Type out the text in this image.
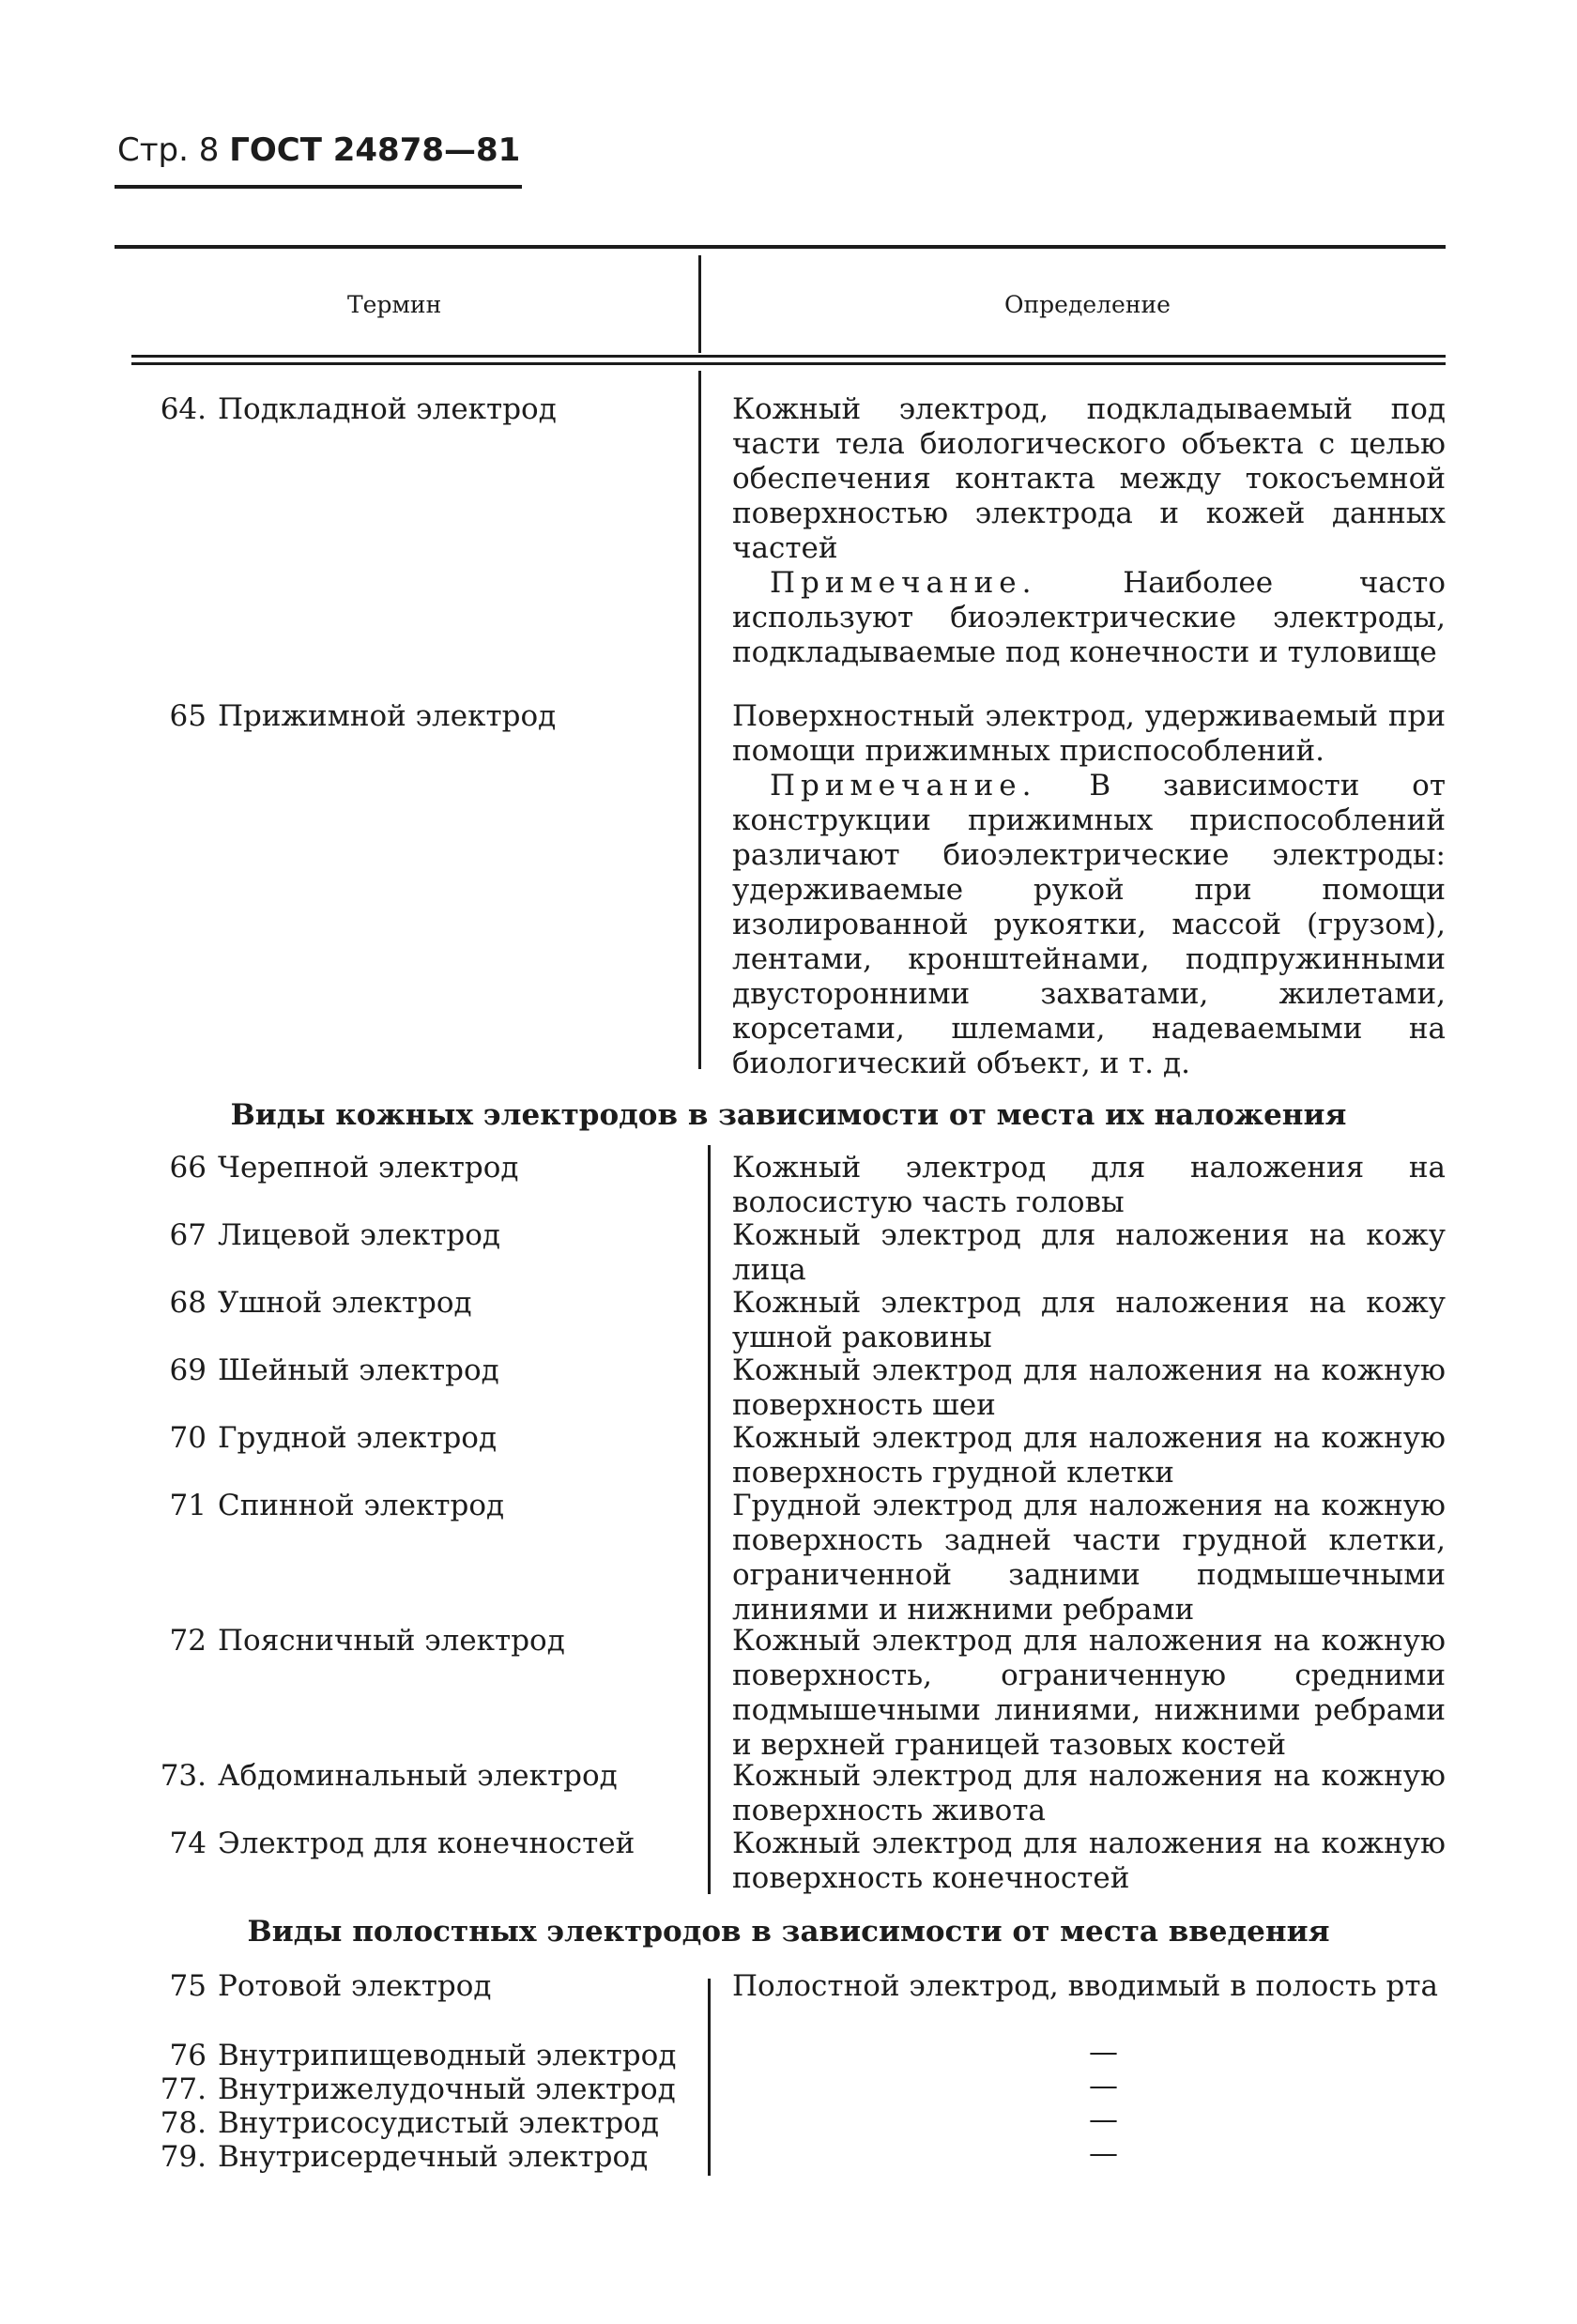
Стр. 8 ГОСТ 24878—81
Термин	Определение
64. Подкладной электрод	Кожный электрод, подкладываемый под части тела биологического объекта с целью обеспечения контакта между токосъемной поверхностью электрода и кожей данных частей

Примечание.	Наиболее часто используют биоэлектрические электроды, подкладываемые под конечности и туловище

65 Прижимной электрод	Поверхностный электрод, удерживаемый при помощи прижимных приспособлений.

Примечание. В зависимости от конструкции прижимных приспособлений различают биоэлектрические электроды: удерживаемые рукой при помощи изолированной рукоятки, массой (грузом), лентами, кронштейнами, подпружинными двусторонними захватами, жилетами, корсетами, шлемами, надеваемыми на биологический объект, и т. д.

Виды кожных электродов в зависимости от места их наложения
66 Черепной электрод	Кожный электрод для наложения на волосистую часть головы

67 Лицевой электрод	Кожный электрод для наложения на кожу лица

68 Ушной электрод	Кожный электрод для наложения на кожу ушной раковины

69 Шейный электрод	Кожный электрод для наложения на кожную поверхность шеи

70 Грудной электрод	Кожный электрод для наложения на кожную поверхность грудной клетки

71 Спинной электрод	Грудной электрод для наложения на кожную поверхность задней части грудной клетки, ограниченной задними подмышечными линиями и нижними ребрами

72 Поясничный электрод	Кожный электрод для наложения на кожную поверхность, ограниченную средними подмышечными линиями, нижними ребрами и верхней границей тазовых костей

73. Абдоминальный электрод	Кожный электрод для наложения на кожную поверхность живота

74 Электрод для конечностей	Кожный электрод для наложения на кожную поверхность конечностей

Виды полостных электродов в зависимости от места введения
75 Ротовой электрод	Полостной электрод, вводимый в полость рта

76 Внутрипищеводный электрод	—
77. Внутрижелудочный электрод	—
78. Внутрисосудистый электрод	—
79. Внутрисердечный электрод	—
